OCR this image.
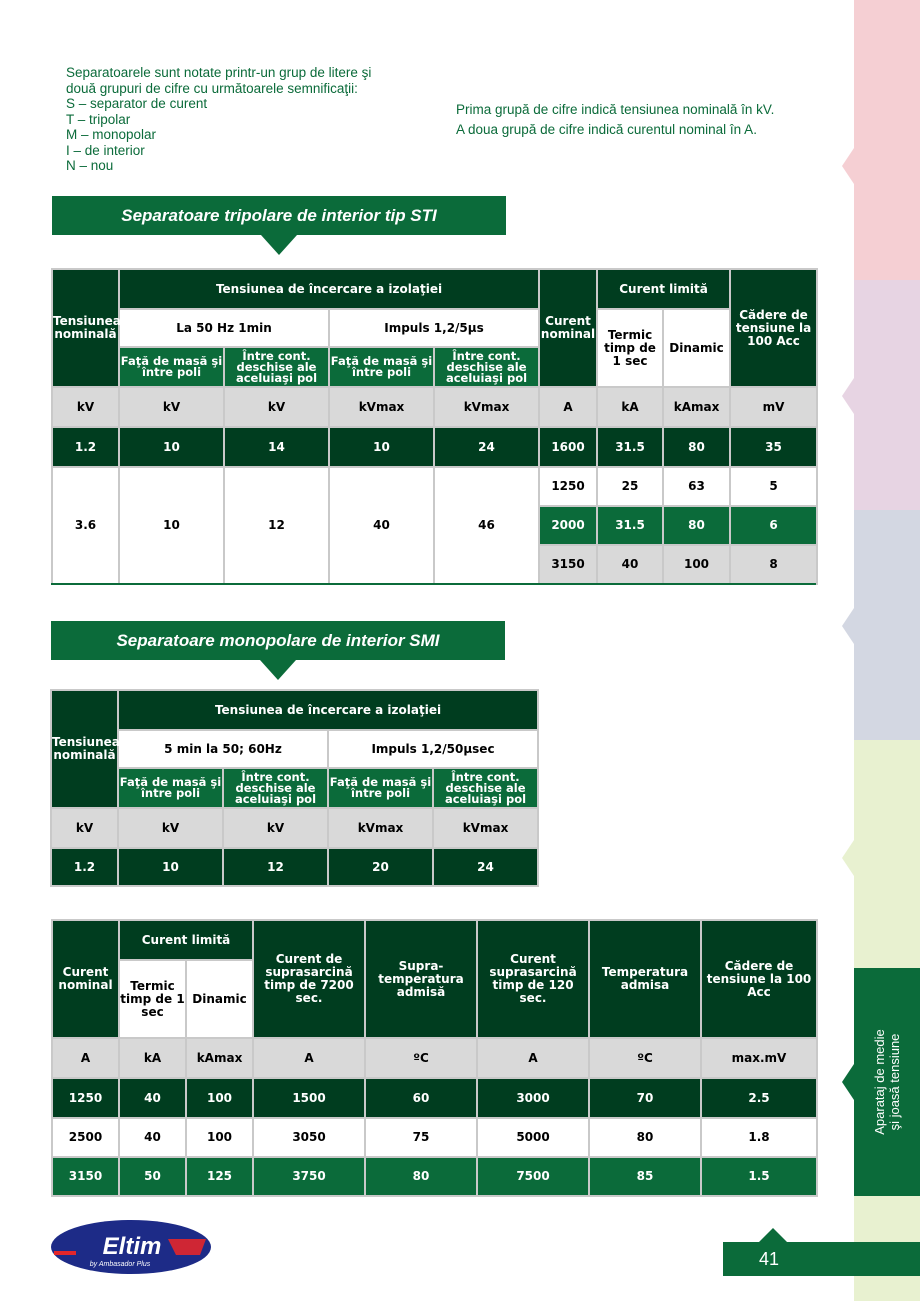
Separatoarele sunt notate printr-un grup de litere şi

două grupuri de cifre cu următoarele semnificaţii:

S – separator de curent

T – tripolar

M – monopolar

I – de interior

N – nou

Prima grupă de cifre indică tensiunea nominală în kV.

A doua grupă de cifre indică curentul nominal în A.

Separatoare tripolare de interior tip STI
Tensiunea nominală	Tensiunea de încercare a izolaţiei				Curent nominal	Curent limită		Cădere de tensiune la 100 Acc
	La 50 Hz 1min		Impuls 1,2/5µs			Termic timp de 1 sec	Dinamic	
	Faţă de masă şi între poli	Între cont. deschise ale aceluiaşi pol	Faţă de masă şi între poli	Între cont. deschise ale aceluiaşi pol				
kV	kV	kV	kVmax	kVmax	A	kA	kAmax	mV
1.2	10	14	10	24	1600	31.5	80	35
3.6	10	12	40	46	1250	25	63	5
					2000	31.5	80	6
					3150	40	100	8
Separatoare monopolare de interior SMI
Tensiunea nominală	Tensiunea de încercare a izolaţiei			
	5 min la 50; 60Hz		Impuls 1,2/50µsec	
	Faţă de masă şi între poli	Între cont. deschise ale aceluiaşi pol	Faţă de masă şi între poli	Între cont. deschise ale aceluiaşi pol
kV	kV	kV	kVmax	kVmax
1.2	10	12	20	24
Curent nominal	Curent limită		Curent de suprasarcină timp de 7200 sec.	Supra- temperatura admisă	Curent suprasarcină timp de 120 sec.	Temperatura admisa	Cădere de tensiune la 100 Acc
	Termic timp de 1 sec	Dinamic					
A	kA	kAmax	A	ºC	A	ºC	max.mV
1250	40	100	1500	60	3000	70	2.5
2500	40	100	3050	75	5000	80	1.8
3150	50	125	3750	80	7500	85	1.5
Aparataj de medie şi joasă tensiune
41
Eltim
by Ambasador Plus
